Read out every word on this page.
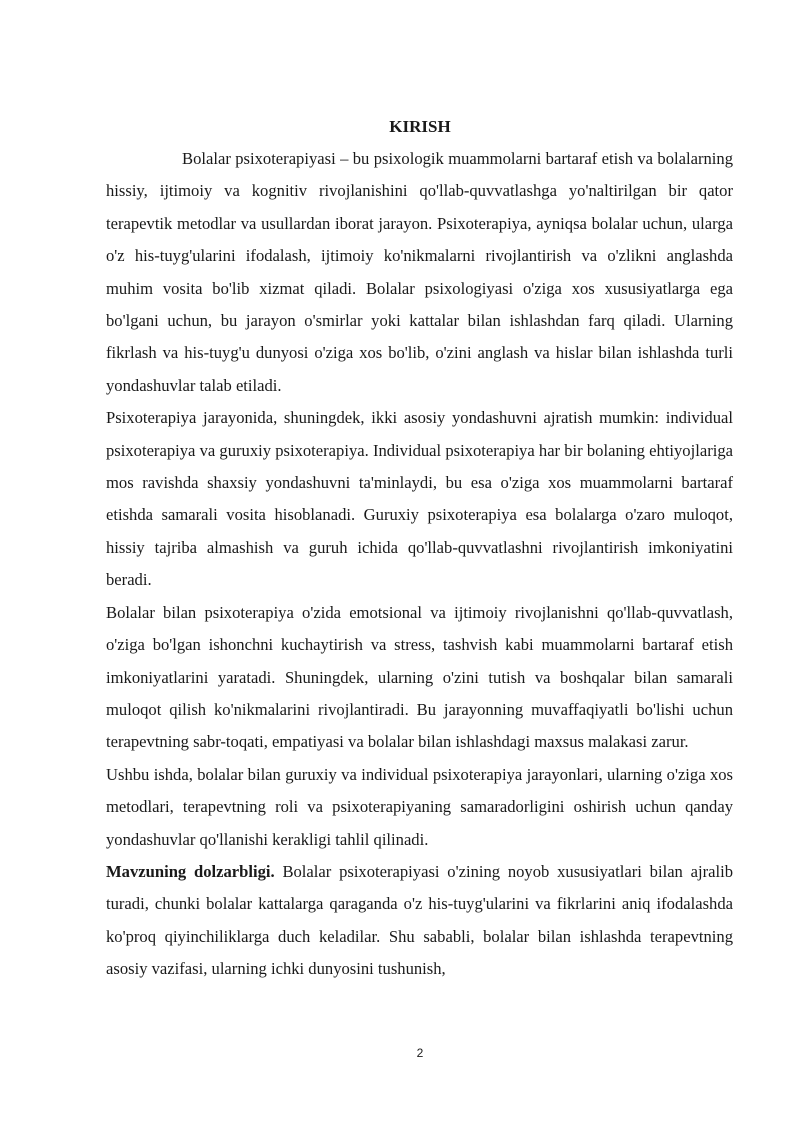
KIRISH

Bolalar psixoterapiyasi – bu psixologik muammolarni bartaraf etish va bolalarning hissiy, ijtimoiy va kognitiv rivojlanishini qo'llab-quvvatlashga yo'naltirilgan bir qator terapevtik metodlar va usullardan iborat jarayon. Psixoterapiya, ayniqsa bolalar uchun, ularga o'z his-tuyg'ularini ifodalash, ijtimoiy ko'nikmalarni rivojlantirish va o'zlikni anglashda muhim vosita bo'lib xizmat qiladi. Bolalar psixologiyasi o'ziga xos xususiyatlarga ega bo'lgani uchun, bu jarayon o'smirlar yoki kattalar bilan ishlashdan farq qiladi. Ularning fikrlash va his-tuyg'u dunyosi o'ziga xos bo'lib, o'zini anglash va hislar bilan ishlashda turli yondashuvlar talab etiladi.

Psixoterapiya jarayonida, shuningdek, ikki asosiy yondashuvni ajratish mumkin: individual psixoterapiya va guruxiy psixoterapiya. Individual psixoterapiya har bir bolaning ehtiyojlariga mos ravishda shaxsiy yondashuvni ta'minlaydi, bu esa o'ziga xos muammolarni bartaraf etishda samarali vosita hisoblanadi. Guruxiy psixoterapiya esa bolalarga o'zaro muloqot, hissiy tajriba almashish va guruh ichida qo'llab-quvvatlashni rivojlantirish imkoniyatini beradi.

Bolalar bilan psixoterapiya o'zida emotsional va ijtimoiy rivojlanishni qo'llab-quvvatlash, o'ziga bo'lgan ishonchni kuchaytirish va stress, tashvish kabi muammolarni bartaraf etish imkoniyatlarini yaratadi. Shuningdek, ularning o'zini tutish va boshqalar bilan samarali muloqot qilish ko'nikmalarini rivojlantiradi. Bu jarayonning muvaffaqiyatli bo'lishi uchun terapevtning sabr-toqati, empatiyasi va bolalar bilan ishlashdagi maxsus malakasi zarur.

Ushbu ishda, bolalar bilan guruxiy va individual psixoterapiya jarayonlari, ularning o'ziga xos metodlari, terapevtning roli va psixoterapiyaning samaradorligini oshirish uchun qanday yondashuvlar qo'llanishi kerakligi tahlil qilinadi.

Mavzuning dolzarbligi. Bolalar psixoterapiyasi o'zining noyob xususiyatlari bilan ajralib turadi, chunki bolalar kattalarga qaraganda o'z his-tuyg'ularini va fikrlarini aniq ifodalashda ko'proq qiyinchiliklarga duch keladilar. Shu sababli, bolalar bilan ishlashda terapevtning asosiy vazifasi, ularning ichki dunyosini tushunish,

2
